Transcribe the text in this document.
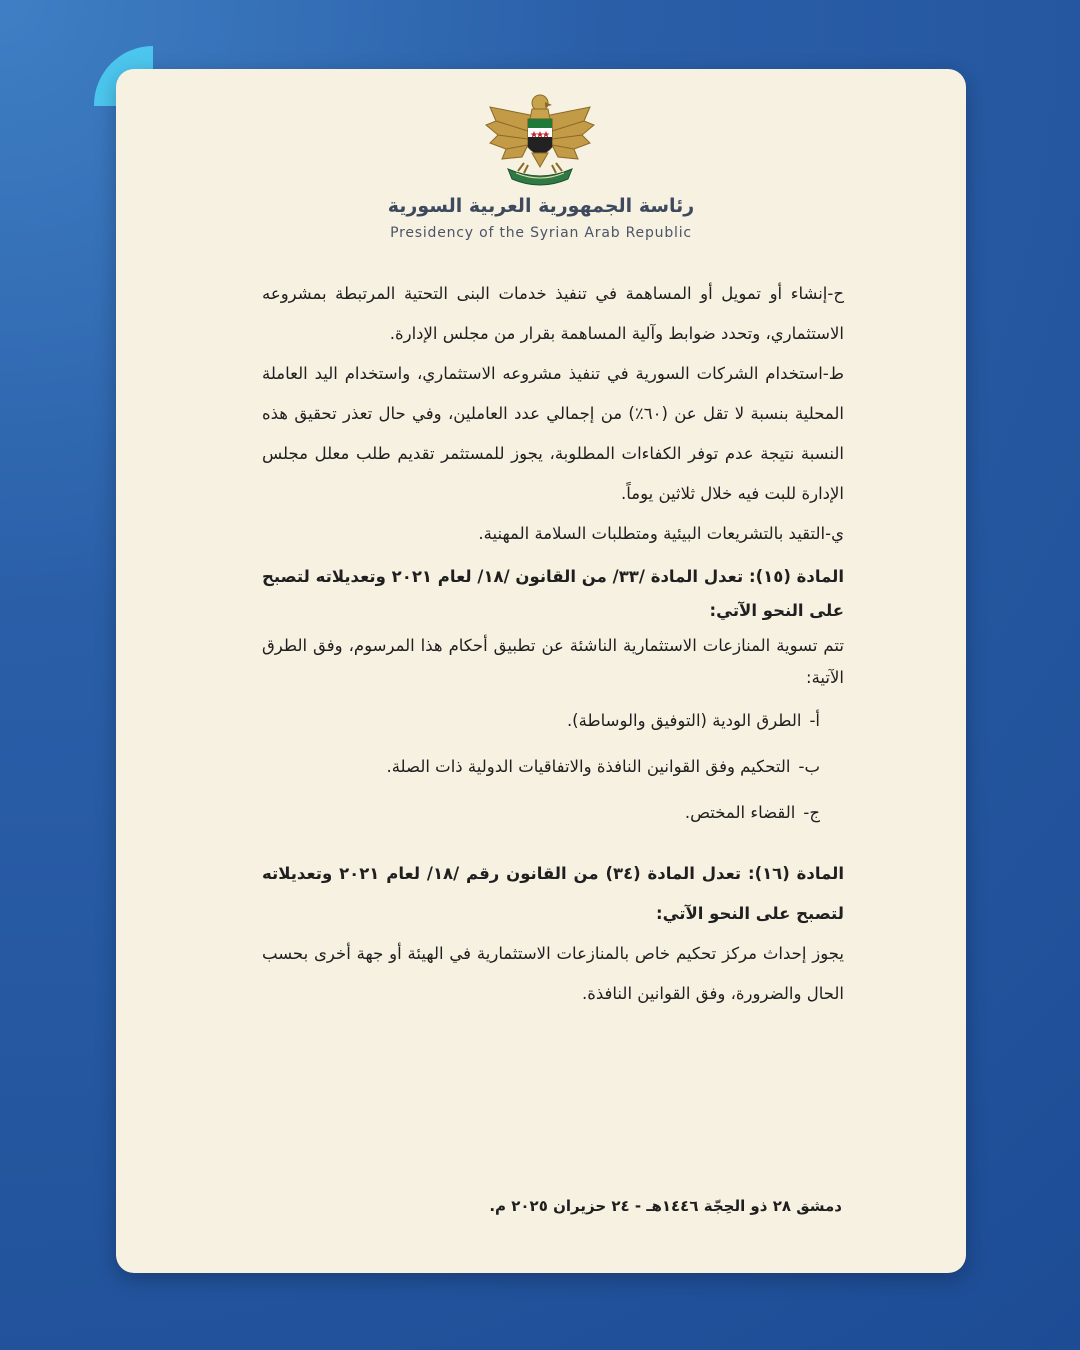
رئاسة الجمهورية العربية السورية
Presidency of the Syrian Arab Republic

ح-إنشاء أو تمويل أو المساهمة في تنفيذ خدمات البنى التحتية المرتبطة بمشروعه الاستثماري، وتحدد ضوابط وآلية المساهمة بقرار من مجلس الإدارة.

ط-استخدام الشركات السورية في تنفيذ مشروعه الاستثماري، واستخدام اليد العاملة المحلية بنسبة لا تقل عن (٦٠٪) من إجمالي عدد العاملين، وفي حال تعذر تحقيق هذه النسبة نتيجة عدم توفر الكفاءات المطلوبة، يجوز للمستثمر تقديم طلب معلل مجلس الإدارة للبت فيه خلال ثلاثين يوماً.

ي-التقيد بالتشريعات البيئية ومتطلبات السلامة المهنية.

المادة (١٥): تعدل المادة /٣٣/ من القانون /١٨/ لعام ٢٠٢١ وتعديلاته لتصبح على النحو الآتي:

تتم تسوية المنازعات الاستثمارية الناشئة عن تطبيق أحكام هذا المرسوم، وفق الطرق الآتية:

أ-الطرق الودية (التوفيق والوساطة).
ب-التحكيم وفق القوانين النافذة والاتفاقيات الدولية ذات الصلة.
ج-القضاء المختص.

المادة (١٦): تعدل المادة (٣٤) من القانون رقم /١٨/ لعام ٢٠٢١ وتعديلاته لتصبح على النحو الآتي:

يجوز إحداث مركز تحكيم خاص بالمنازعات الاستثمارية في الهيئة أو جهة أخرى بحسب الحال والضرورة، وفق القوانين النافذة.

دمشق ٢٨ ذو الحِجّة ١٤٤٦هـ - ٢٤ حزيران ٢٠٢٥ م.
